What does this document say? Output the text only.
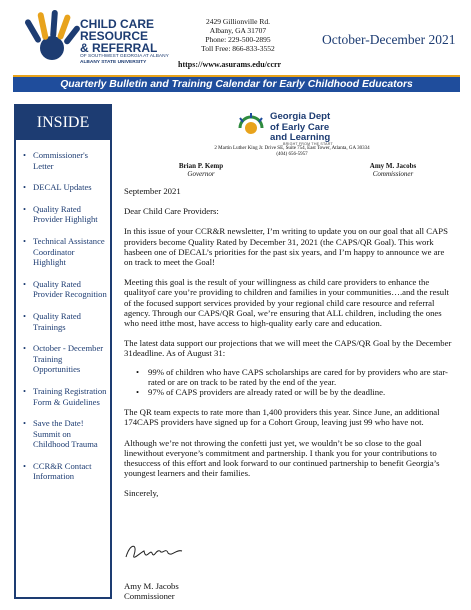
CHILD CARE
RESOURCE
& REFERRAL
OF SOUTHWEST GEORGIA AT ALBANY
ALBANY STATE UNIVERSITY
2429 Gillionville Rd.
Albany, GA 31707
Phone: 229-500-2895
Toll Free: 866-833-3552
https://www.asurams.edu/ccrr
October-December 2021
Quarterly Bulletin and Training Calendar for Early Childhood Educators
INSIDE
• Commissioner's Letter
• DECAL Updates
• Quality Rated Provider Highlight
• Technical Assistance Coordinator Highlight
• Quality Rated Provider Recognition
• Quality Rated Trainings
• October - December Training Opportunities
• Training Registration Form & Guidelines
• Save the Date! Summit on Childhood Trauma
• CCR&R Contact Information
Georgia Dept
of Early Care
and Learning
BRIGHT FROM THE START
2 Martin Luther King Jr. Drive SE, Suite 754, East Tower, Atlanta, GA 30334
(404) 656-5957
Brian P. Kemp
Governor
Amy M. Jacobs
Commissioner

September 2021

Dear Child Care Providers:

In this issue of your CCR&R newsletter, I’m writing to update you on our goal that all CAPS providers become Quality Rated by December 31, 2021 (the CAPS/QR Goal). This work hasbeen one of DECAL’s priorities for the past six years, and I’m happy to announce we are on track to meet the Goal!

Meeting this goal is the result of your willingness as child care providers to enhance the qualityof care you’re providing to children and families in your communities….and the result of the focused support services provided by your regional child care resource and referral agency. Through our CAPS/QR Goal, we’re ensuring that ALL children, including the ones who need itthe most, have access to high-quality early care and education.

The latest data support our projections that we will meet the CAPS/QR Goal by the December 31deadline. As of August 31:

• 99% of children who have CAPS scholarships are cared for by providers who are star-rated or are on track to be rated by the end of the year.
• 97% of CAPS providers are already rated or will be by the deadline.

The QR team expects to rate more than 1,400 providers this year. Since June, an additional 174CAPS providers have signed up for a Cohort Group, leaving just 99 who have not.

Although we’re not throwing the confetti just yet, we wouldn’t be so close to the goal linewithout everyone’s commitment and partnership. I thank you for your contributions to thesuccess of this effort and look forward to our continued partnership to benefit Georgia’s youngest learners and their families.

Sincerely,

Amy M. Jacobs
Commissioner
